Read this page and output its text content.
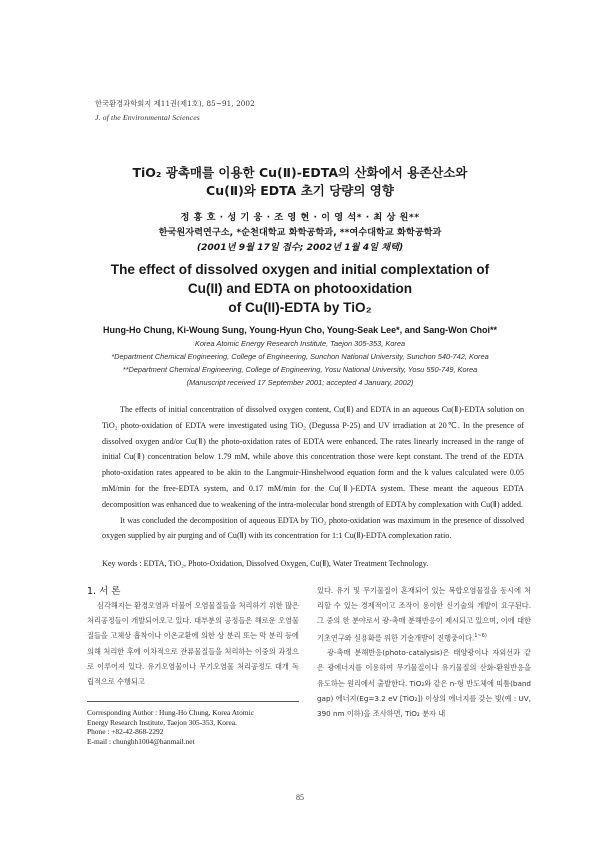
한국환경과학회지 제11권(제1호), 85~91, 2002
J. of the Environmental Sciences
TiO₂ 광촉매를 이용한 Cu(Ⅱ)-EDTA의 산화에서 용존산소와
Cu(Ⅱ)와 EDTA 초기 당량의 영향
정 홍 호 · 성 기 웅 · 조 영 현 · 이 영 석* · 최 상 원**
한국원자력연구소, *순천대학교 화학공학과, **여수대학교 화학공학과
(2001년 9월 17일 접수; 2002년 1월 4일 채택)
The effect of dissolved oxygen and initial complextation of
Cu(II) and EDTA on photooxidation
of Cu(II)-EDTA by TiO₂
Hung-Ho Chung, Ki-Woung Sung, Young-Hyun Cho, Young-Seak Lee*, and Sang-Won Choi**
Korea Atomic Energy Research Institute, Taejon 305-353, Korea
*Department Chemical Engineering, College of Engineering, Sunchon National University, Sunchon 540-742, Korea
**Department Chemical Engineering, College of Engineering, Yosu National University, Yosu 550-749, Korea
(Manuscript received 17 September 2001; accepted 4 January, 2002)

The effects of initial concentration of dissolved oxygen content, Cu(Ⅱ) and EDTA in an aqueous Cu(Ⅱ)-EDTA solution on TiO₂ photo-oxidation of EDTA were investigated using TiO₂ (Degussa P-25) and UV irradiation at 20℃. In the presence of dissolved oxygen and/or Cu(Ⅱ) the photo-oxidation rates of EDTA were enhanced. The rates linearly increased in the range of initial Cu(Ⅱ) concentration below 1.79 mM, while above this concentration those were kept constant. The trend of the EDTA photo-oxidation rates appeared to be akin to the Langmuir-Hinshelwood equation form and the k values calculated were 0.05 mM/min for the free-EDTA system, and 0.17 mM/min for the Cu(Ⅱ)-EDTA system. These meant the aqueous EDTA decomposition was enhanced due to weakening of the intra-molecular bond strength of EDTA by complexation with Cu(Ⅱ) added.

It was concluded the decomposition of aqueous EDTA by TiO₂ photo-oxidation was maximum in the presence of dissolved oxygen supplied by air purging and of Cu(Ⅱ) with its concentration for 1:1 Cu(Ⅱ)-EDTA complexation ratio.

Key words : EDTA, TiO₂, Photo-Oxidation, Dissolved Oxygen, Cu(Ⅱ), Water Treatment Technology.
1. 서 론

심각해지는 환경오염과 더불어 오염물질들을 처리하기 위한 많은 처리공정들이 개발되어오고 있다. 대부분의 공정들은 해로운 오염물질들을 고체상 흡착이나 이온교환에 의한 상 분리 또는 막 분리 등에 의해 처리한 후에 이차적으로 잔류물질들을 처리하는 이중의 과정으로 이루어져 있다. 유기오염물이나 무기오염물 처리공정도 대개 독립적으로 수행되고

있다. 유기 및 무기물질이 혼재되어 있는 복합오염물질을 동시에 처리할 수 있는 경제적이고 조작이 용이한 신기술의 개발이 요구된다. 그 중의 한 분야로서 광-촉매 분해반응이 제시되고 있으며, 이에 대한 기초연구와 실용화를 위한 기술개발이 진행중이다.$^{1\sim 6)}$

광-촉매 분해반응(photo-catalysis)은 태양광이나 자외선과 같은 광에너지를 이용하여 무기물질이나 유기물질의 산화-환원반응을 유도하는 원리에서 출발한다. TiO₂와 같은 n-형 반도체에 띠틈(band gap) 에너지(Eg=3.2 eV [TiO₂]) 이상의 에너지를 갖는 빛(예 : UV, 390 nm 이하)을 조사하면, TiO₂ 분자 내

Corresponding Author : Hung-Ho Chung, Korea Atomic
Energy Research Institute, Taejon 305-353, Korea.
Phone : +82-42-868-2292
E-mail : chunghh1004@hanmail.net
85
